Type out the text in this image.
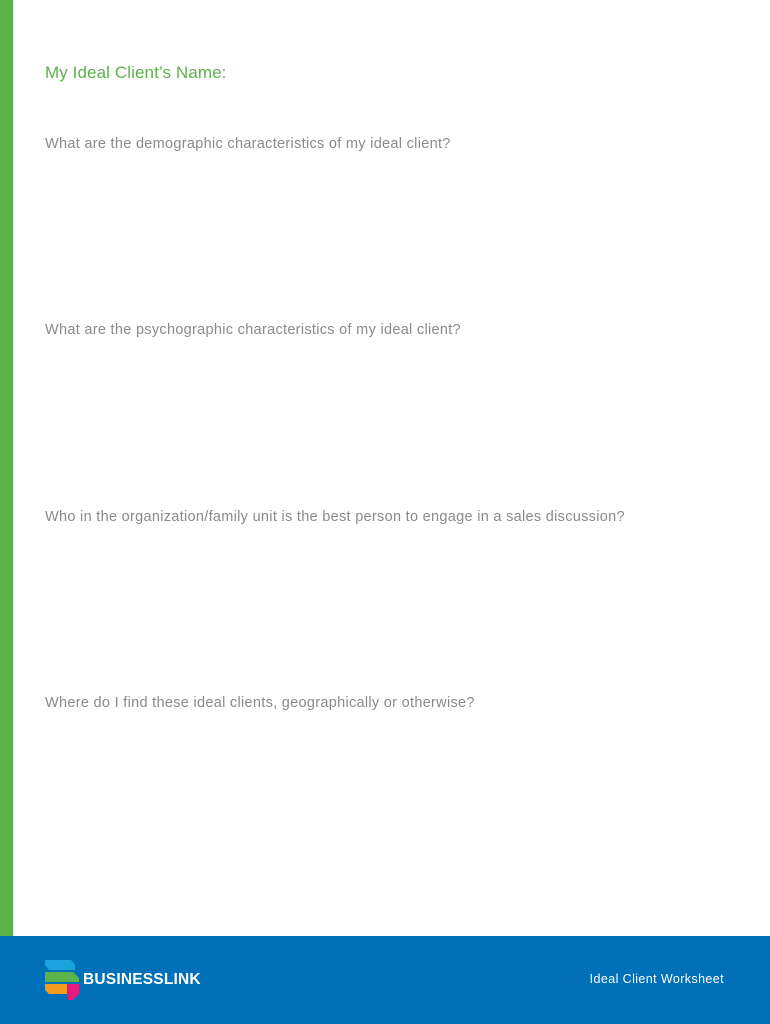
My Ideal Client’s Name:

What are the demographic characteristics of my ideal client?

What are the psychographic characteristics of my ideal client?

Who in the organization/family unit is the best person to engage in a sales discussion?

Where do I find these ideal clients, geographically or otherwise?

BUSINESSLINK	Ideal Client Worksheet
